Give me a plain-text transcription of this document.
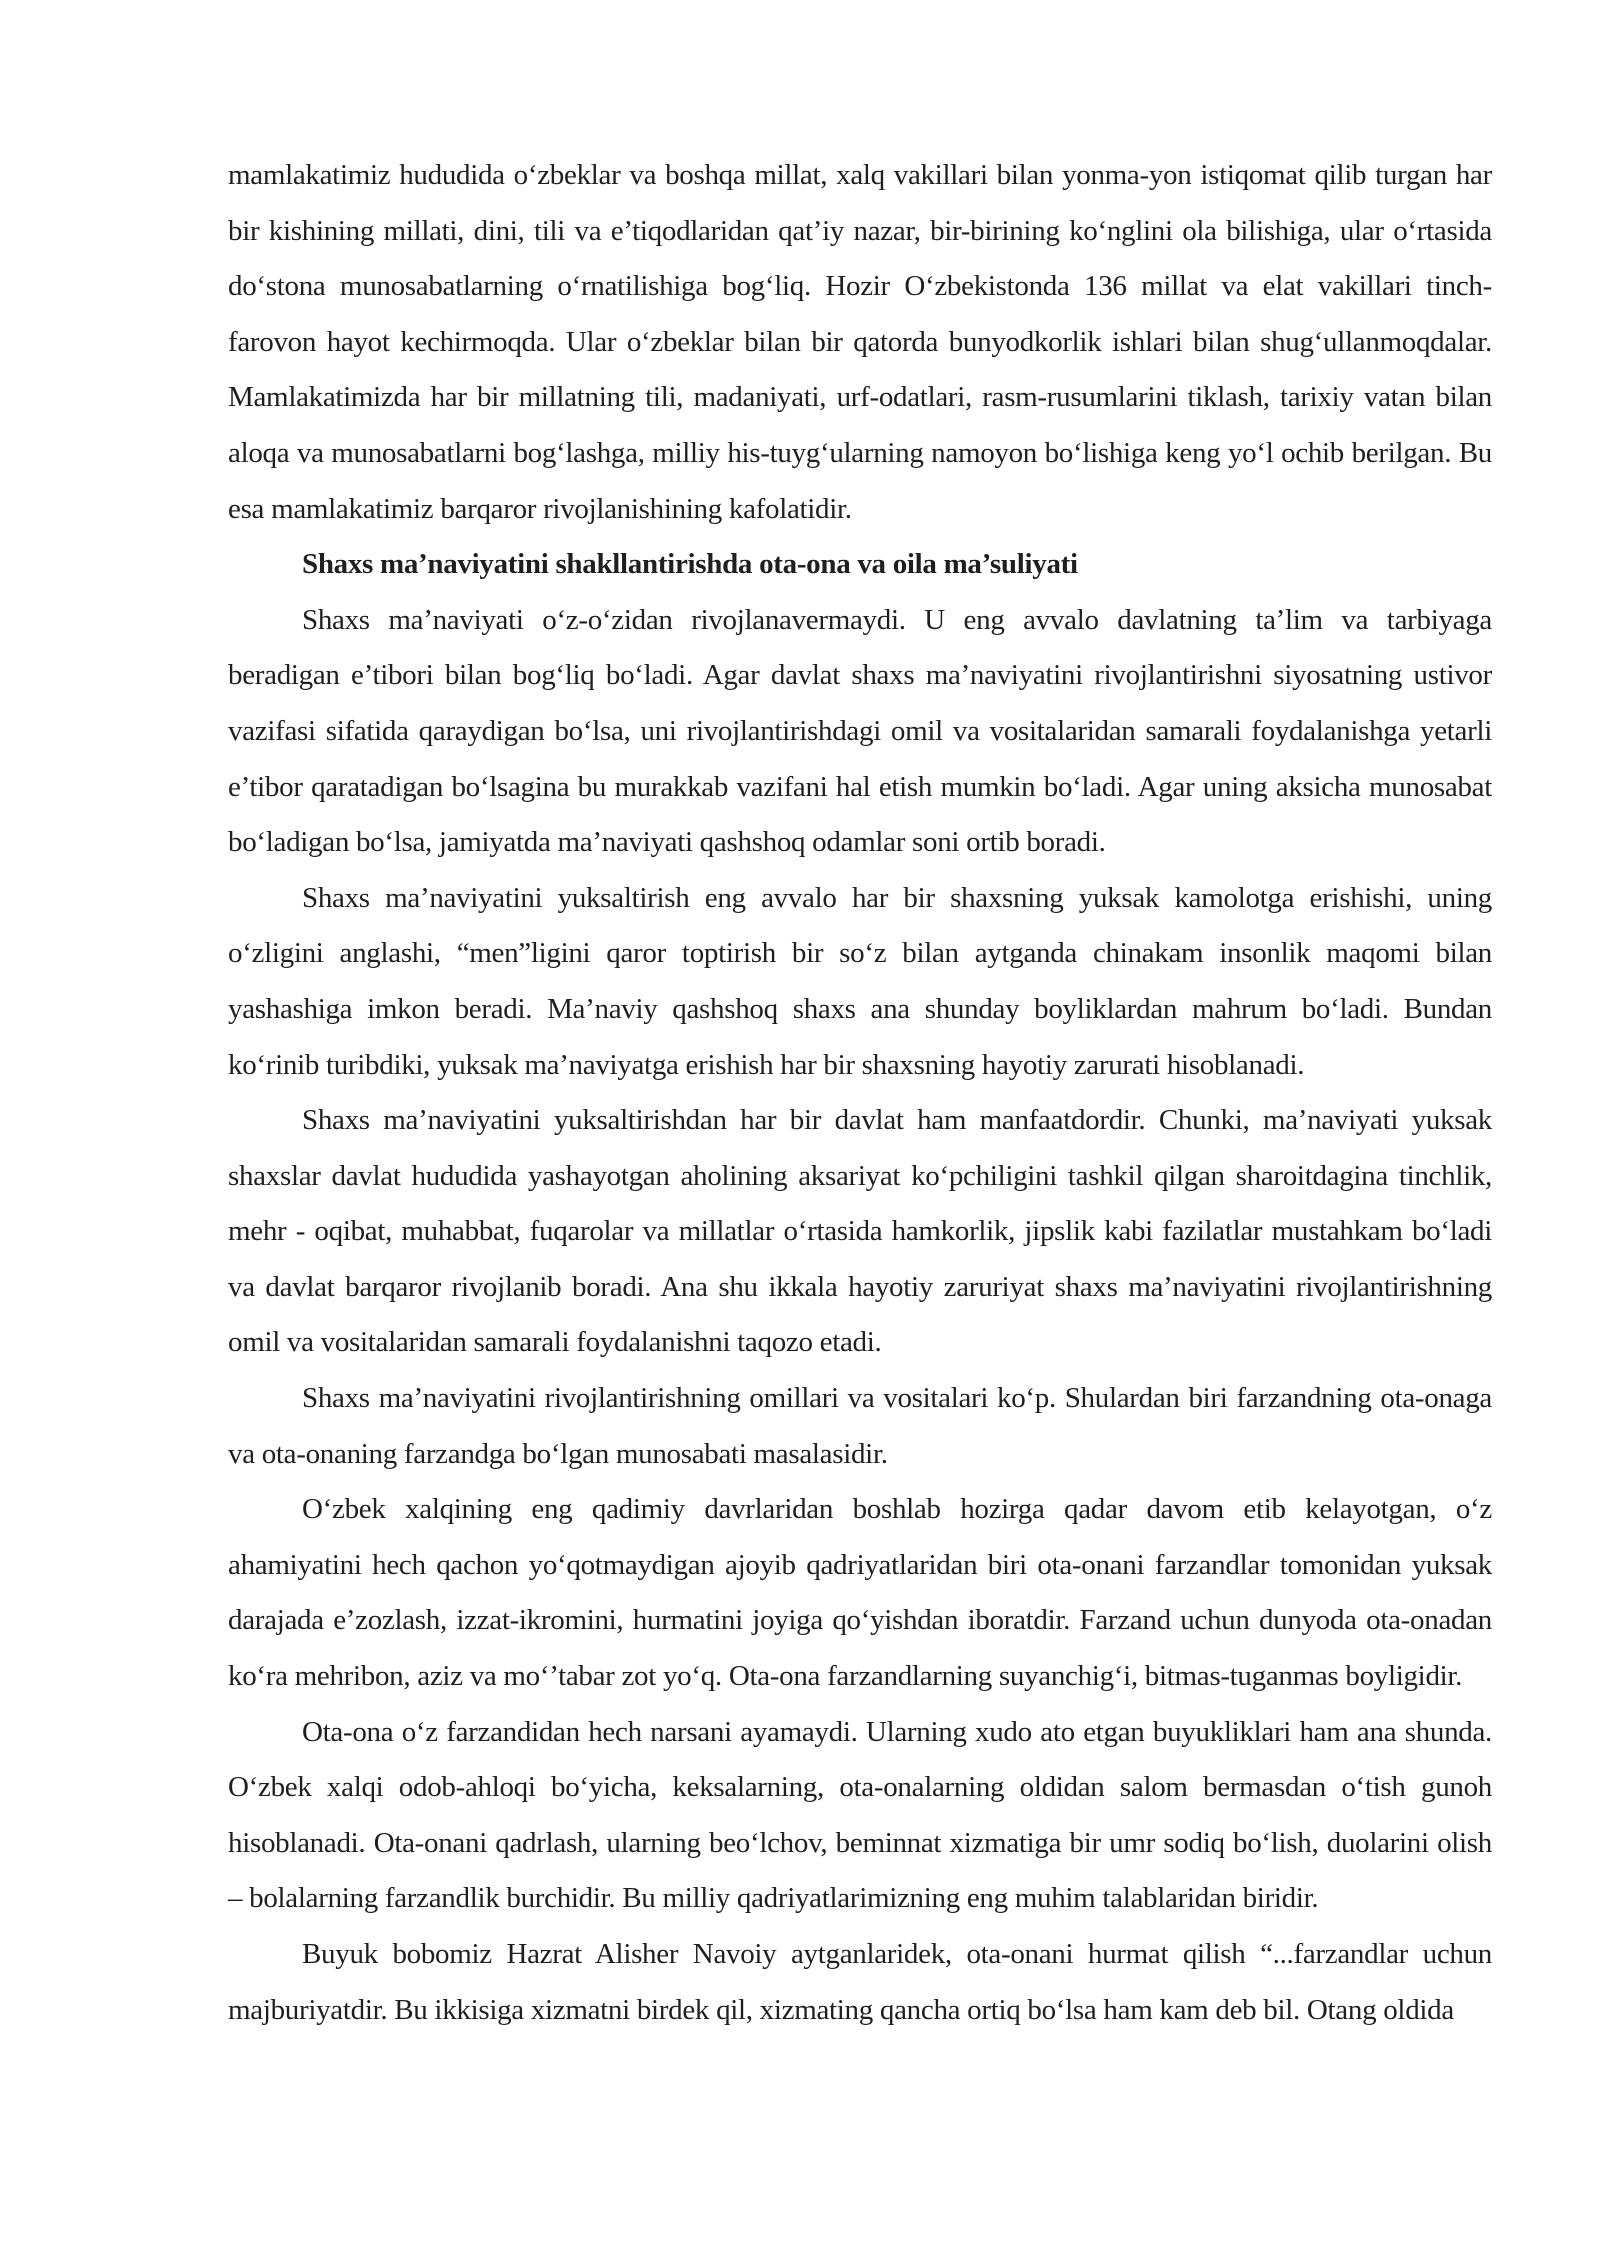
mamlakatimiz hududida o‘zbeklar va boshqa millat, xalq vakillari bilan yonma-yon istiqomat qilib turgan har bir kishining millati, dini, tili va e’tiqodlaridan qat’iy nazar, bir-birining ko‘nglini ola bilishiga, ular o‘rtasida do‘stona munosabatlarning o‘rnatilishiga bog‘liq. Hozir O‘zbekistonda 136 millat va elat vakillari tinch-farovon hayot kechirmoqda. Ular o‘zbeklar bilan bir qatorda bunyodkorlik ishlari bilan shug‘ullanmoqdalar. Mamlakatimizda har bir millatning tili, madaniyati, urf-odatlari, rasm-rusumlarini tiklash, tarixiy vatan bilan aloqa va munosabatlarni bog‘lashga, milliy his-tuyg‘ularning namoyon bo‘lishiga keng yo‘l ochib berilgan. Bu esa mamlakatimiz barqaror rivojlanishining kafolatidir.

Shaxs ma’naviyatini shakllantirishda ota-ona va oila ma’suliyati

Shaxs ma’naviyati o‘z-o‘zidan rivojlanavermaydi. U eng avvalo davlatning ta’lim va tarbiyaga beradigan e’tibori bilan bog‘liq bo‘ladi. Agar davlat shaxs ma’naviyatini rivojlantirishni siyosatning ustivor vazifasi sifatida qaraydigan bo‘lsa, uni rivojlantirishdagi omil va vositalaridan samarali foydalanishga yetarli e’tibor qaratadigan bo‘lsagina bu murakkab vazifani hal etish mumkin bo‘ladi. Agar uning aksicha munosabat bo‘ladigan bo‘lsa, jamiyatda ma’naviyati qashshoq odamlar soni ortib boradi.

Shaxs ma’naviyatini yuksaltirish eng avvalo har bir shaxsning yuksak kamolotga erishishi, uning o‘zligini anglashi, “men”ligini qaror toptirish bir so‘z bilan aytganda chinakam insonlik maqomi bilan yashashiga imkon beradi. Ma’naviy qashshoq shaxs ana shunday boyliklardan mahrum bo‘ladi. Bundan ko‘rinib turibdiki, yuksak ma’naviyatga erishish har bir shaxsning hayotiy zarurati hisoblanadi.

Shaxs ma’naviyatini yuksaltirishdan har bir davlat ham manfaatdordir. Chunki, ma’naviyati yuksak shaxslar davlat hududida yashayotgan aholining aksariyat ko‘pchiligini tashkil qilgan sharoitdagina tinchlik, mehr - oqibat, muhabbat, fuqarolar va millatlar o‘rtasida hamkorlik, jipslik kabi fazilatlar mustahkam bo‘ladi va davlat barqaror rivojlanib boradi. Ana shu ikkala hayotiy zaruriyat shaxs ma’naviyatini rivojlantirishning omil va vositalaridan samarali foydalanishni taqozo etadi.

Shaxs ma’naviyatini rivojlantirishning omillari va vositalari ko‘p. Shulardan biri farzandning ota-onaga va ota-onaning farzandga bo‘lgan munosabati masalasidir.

O‘zbek xalqining eng qadimiy davrlaridan boshlab hozirga qadar davom etib kelayotgan, o‘z ahamiyatini hech qachon yo‘qotmaydigan ajoyib qadriyatlaridan biri ota-onani farzandlar tomonidan yuksak darajada e’zozlash, izzat-ikromini, hurmatini joyiga qo‘yishdan iboratdir. Farzand uchun dunyoda ota-onadan ko‘ra mehribon, aziz va mo‘’tabar zot yo‘q. Ota-ona farzandlarning suyanchig‘i, bitmas-tuganmas boyligidir.

Ota-ona o‘z farzandidan hech narsani ayamaydi. Ularning xudo ato etgan buyukliklari ham ana shunda. O‘zbek xalqi odob-ahloqi bo‘yicha, keksalarning, ota-onalarning oldidan salom bermasdan o‘tish gunoh hisoblanadi. Ota-onani qadrlash, ularning beo‘lchov, beminnat xizmatiga bir umr sodiq bo‘lish, duolarini olish – bolalarning farzandlik burchidir. Bu milliy qadriyatlarimizning eng muhim talablaridan biridir.

Buyuk bobomiz Hazrat Alisher Navoiy aytganlaridek, ota-onani hurmat qilish “...farzandlar uchun majburiyatdir. Bu ikkisiga xizmatni birdek qil, xizmating qancha ortiq bo‘lsa ham kam deb bil. Otang oldida
